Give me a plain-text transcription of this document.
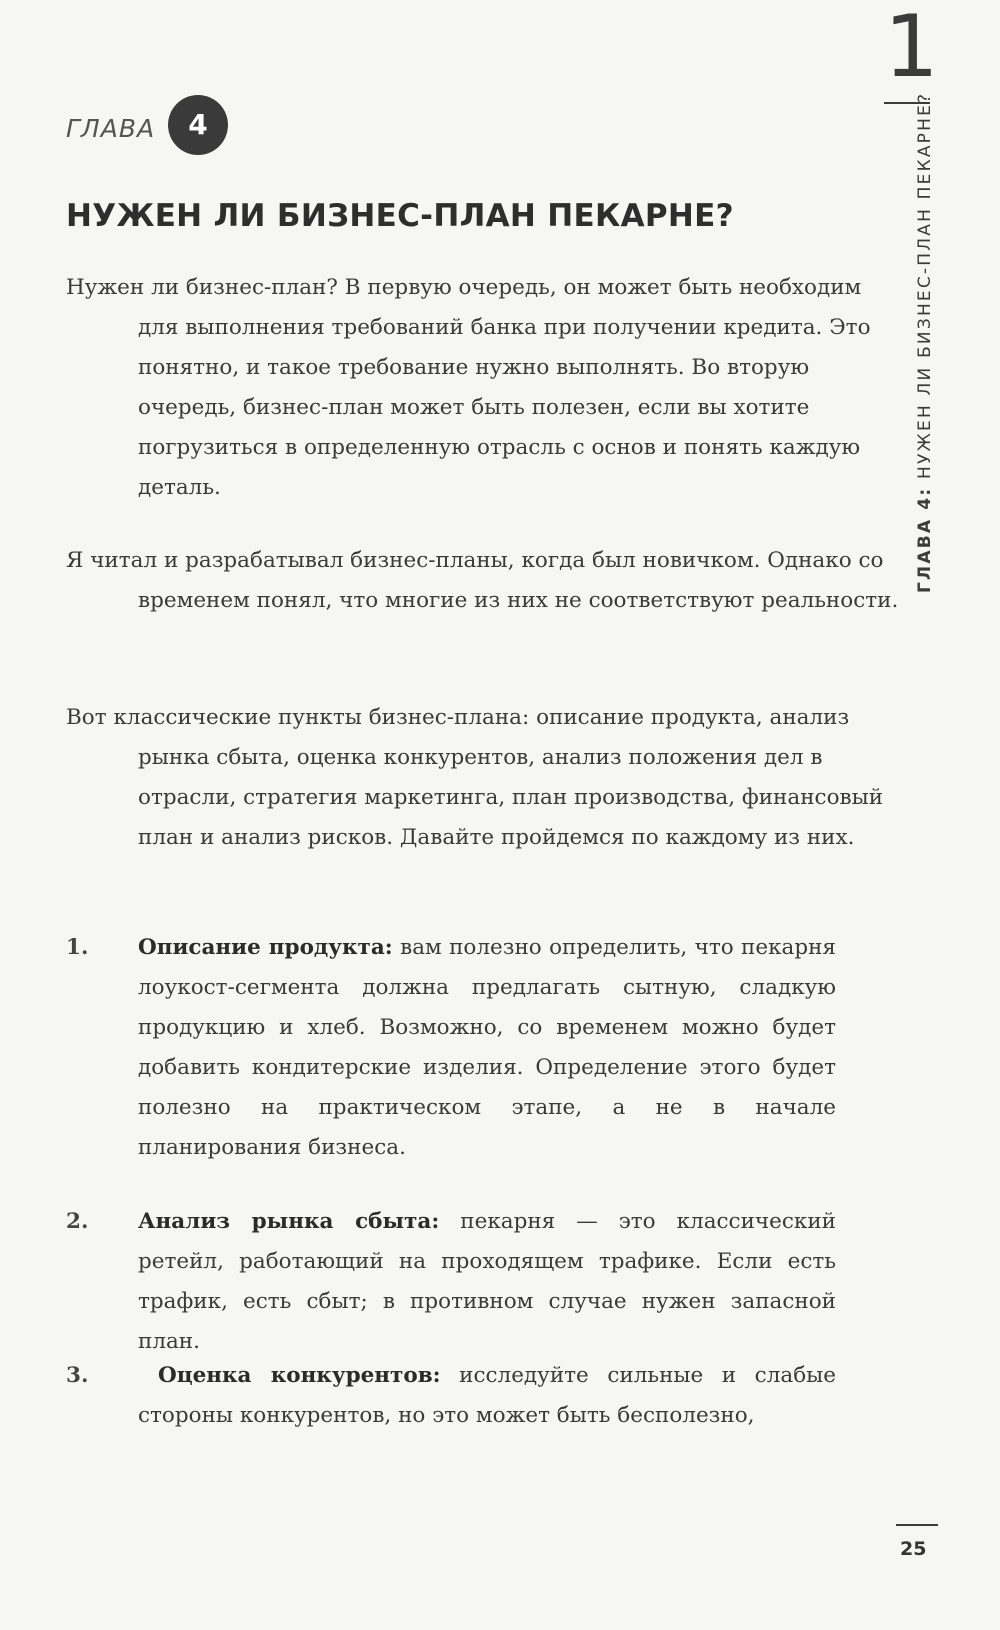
ГЛАВА	4
НУЖЕН ЛИ БИЗНЕС-ПЛАН ПЕКАРНЕ?

Нужен ли бизнес-план? В первую очередь, он может быть необходим для выполнения требований банка при получении кредита. Это понятно, и такое требование нужно выполнять. Во вторую очередь, бизнес-план может быть полезен, если вы хотите погрузиться в определенную отрасль с основ и понять каждую деталь.

Я читал и разрабатывал бизнес-планы, когда был новичком. Однако со временем понял, что многие из них не соответствуют реальности.

Вот классические пункты бизнес-плана: описание продукта, анализ рынка сбыта, оценка конкурентов, анализ положения дел в отрасли, стратегия маркетинга, план производства, финансовый план и анализ рисков. Давайте пройдемся по каждому из них.

1. Описание продукта: вам полезно определить, что пекарня лоукост-сегмента должна предлагать сытную, сладкую продукцию и хлеб. Возможно, со временем можно будет добавить кондитерские изделия. Определение этого будет полезно на практическом этапе, а не в начале планирования бизнеса.

2. Анализ рынка сбыта: пекарня — это классический ретейл, работающий на проходящем трафике. Если есть трафик, есть сбыт; в противном случае нужен запасной план.

3.	Оценка конкурентов: исследуйте сильные и слабые стороны конкурентов, но это может быть бесполезно,

1
ГЛАВА 4: НУЖЕН ЛИ БИЗНЕС-ПЛАН ПЕКАРНЕ?
25
